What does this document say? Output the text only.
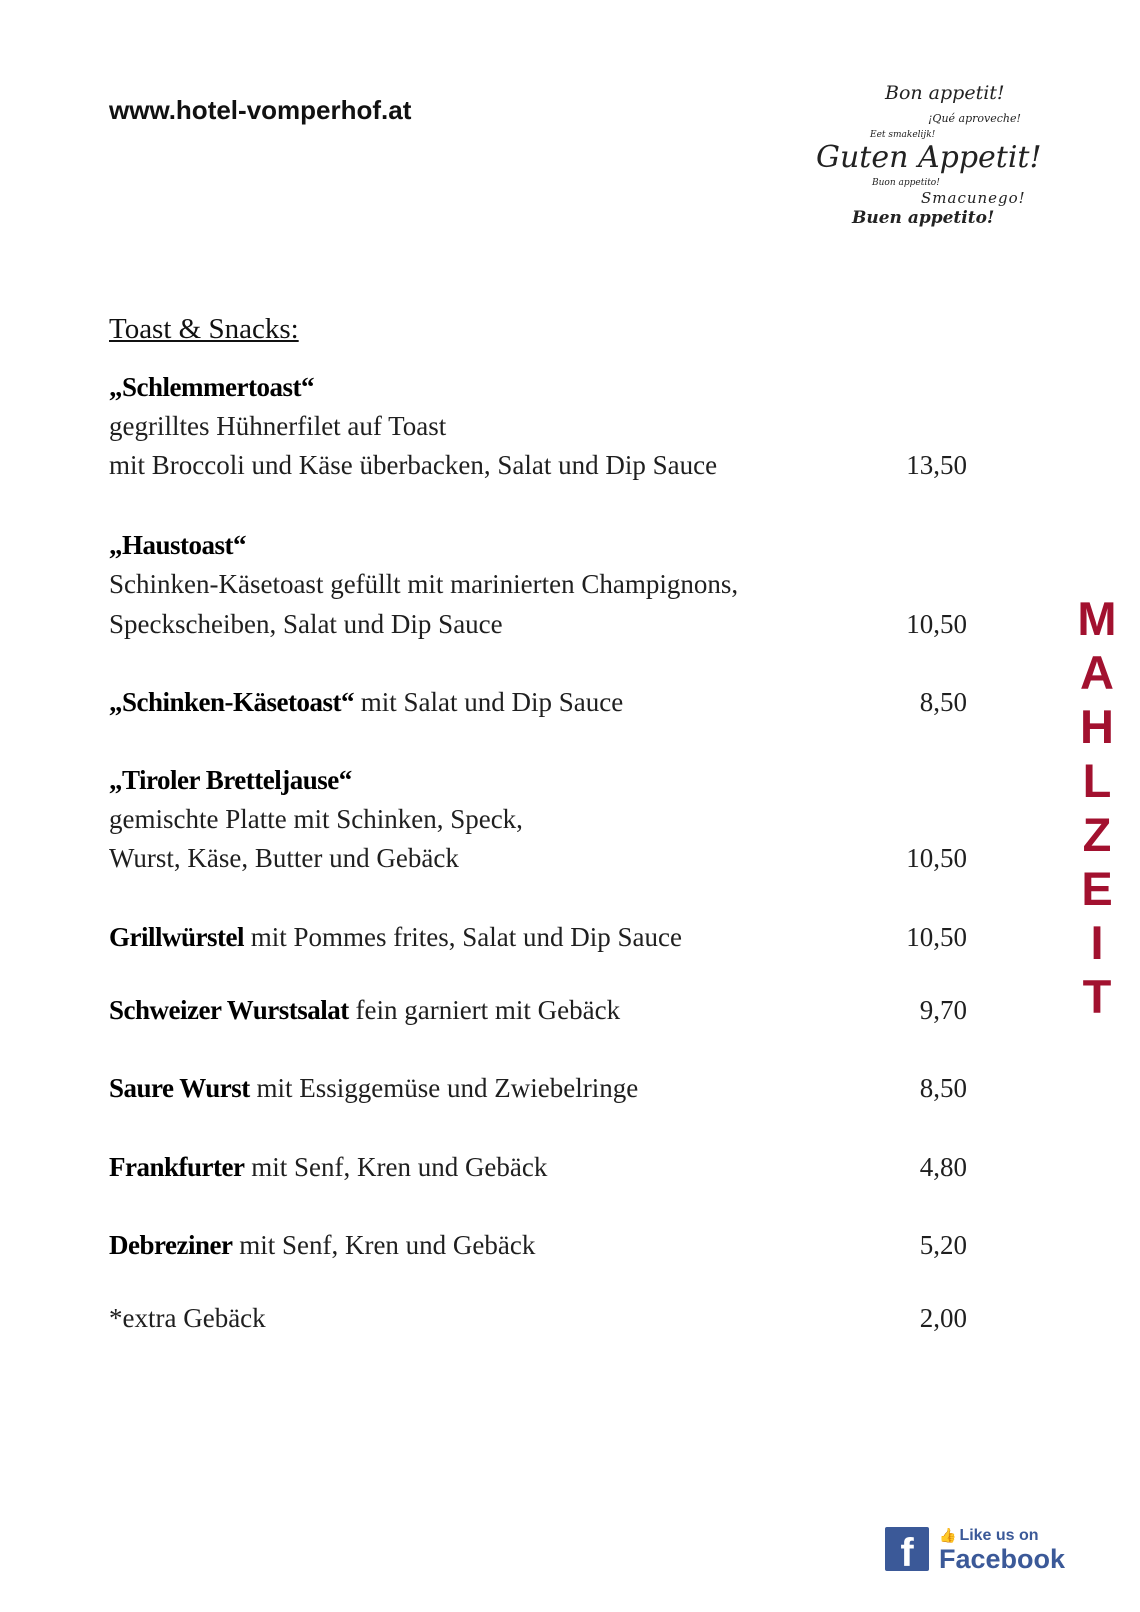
www.hotel-vomperhof.at
Bon appetit!
¡Qué aproveche!
Eet smakelijk!
Guten Appetit!
Buon appetito!
Smacunego!
Buen appetito!
Toast & Snacks:
„Schlemmertoast“
gegrilltes Hühnerfilet auf Toast
mit Broccoli und Käse überbacken, Salat und Dip Sauce	13,50
„Haustoast“
Schinken-Käsetoast gefüllt mit marinierten Champignons,
Speckscheiben, Salat und Dip Sauce	10,50
„Schinken-Käsetoast“ mit Salat und Dip Sauce	8,50
„Tiroler Bretteljause“
gemischte Platte mit Schinken, Speck,
Wurst, Käse, Butter und Gebäck	10,50
Grillwürstel mit Pommes frites, Salat und Dip Sauce	10,50
Schweizer Wurstsalat fein garniert mit Gebäck	9,70
Saure Wurst mit Essiggemüse und Zwiebelringe	8,50
Frankfurter mit Senf, Kren und Gebäck	4,80
Debreziner mit Senf, Kren und Gebäck	5,20
*extra Gebäck	2,00
M
A
H
L
Z
E
I
T
f	👍 Like us on
Facebook
